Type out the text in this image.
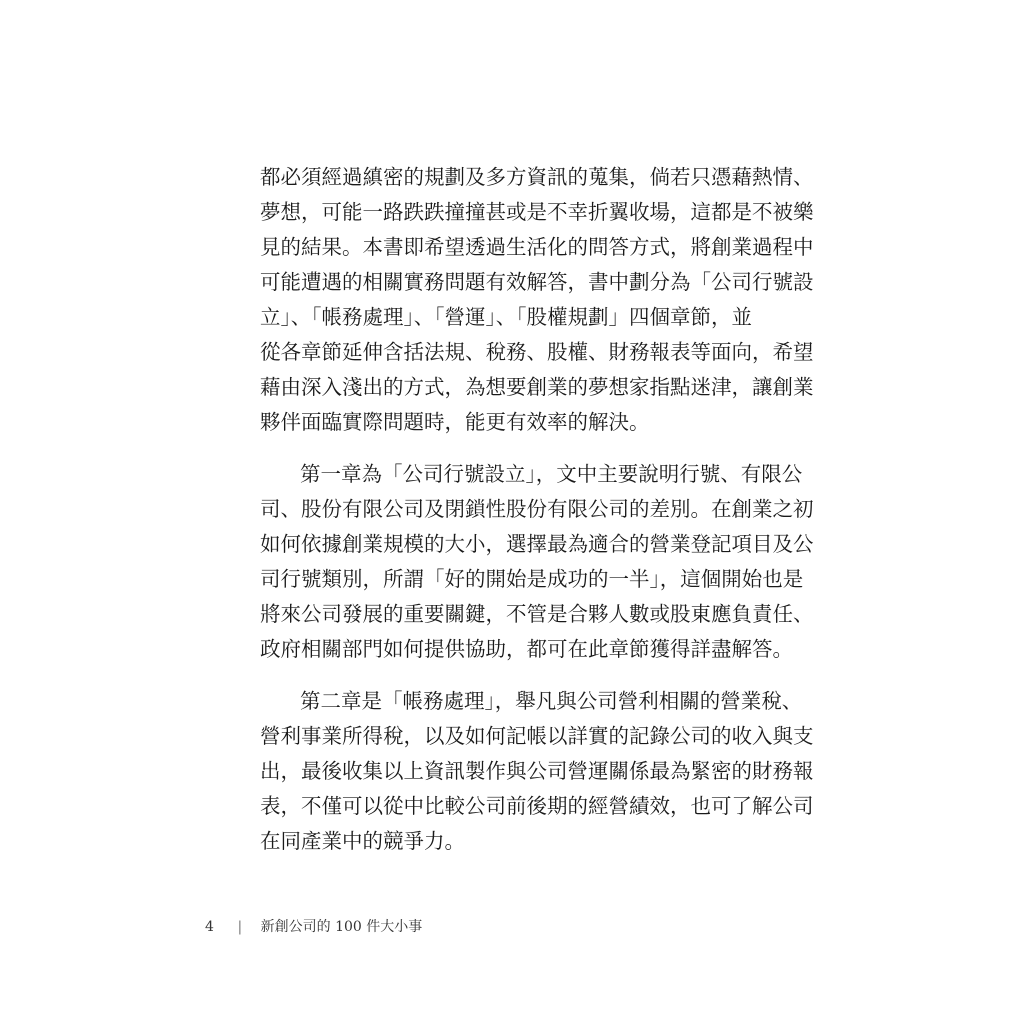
都必須經過縝密的規劃及多方資訊的蒐集，倘若只憑藉熱情、
夢想，可能一路跌跌撞撞甚或是不幸折翼收場，這都是不被樂
見的結果。本書即希望透過生活化的問答方式，將創業過程中
可能遭遇的相關實務問題有效解答，書中劃分為「公司行號設
立」、「帳務處理」、「營運」、「股權規劃」四個章節，並
從各章節延伸含括法規、稅務、股權、財務報表等面向，希望
藉由深入淺出的方式，為想要創業的夢想家指點迷津，讓創業
夥伴面臨實際問題時，能更有效率的解決。

第一章為「公司行號設立」，文中主要說明行號、有限公
司、股份有限公司及閉鎖性股份有限公司的差別。在創業之初
如何依據創業規模的大小，選擇最為適合的營業登記項目及公
司行號類別，所謂「好的開始是成功的一半」，這個開始也是
將來公司發展的重要關鍵，不管是合夥人數或股東應負責任、
政府相關部門如何提供協助，都可在此章節獲得詳盡解答。

第二章是「帳務處理」，舉凡與公司營利相關的營業稅、
營利事業所得稅，以及如何記帳以詳實的記錄公司的收入與支
出，最後收集以上資訊製作與公司營運關係最為緊密的財務報
表，不僅可以從中比較公司前後期的經營績效，也可了解公司
在同產業中的競爭力。

4 | 新創公司的 100 件大小事
